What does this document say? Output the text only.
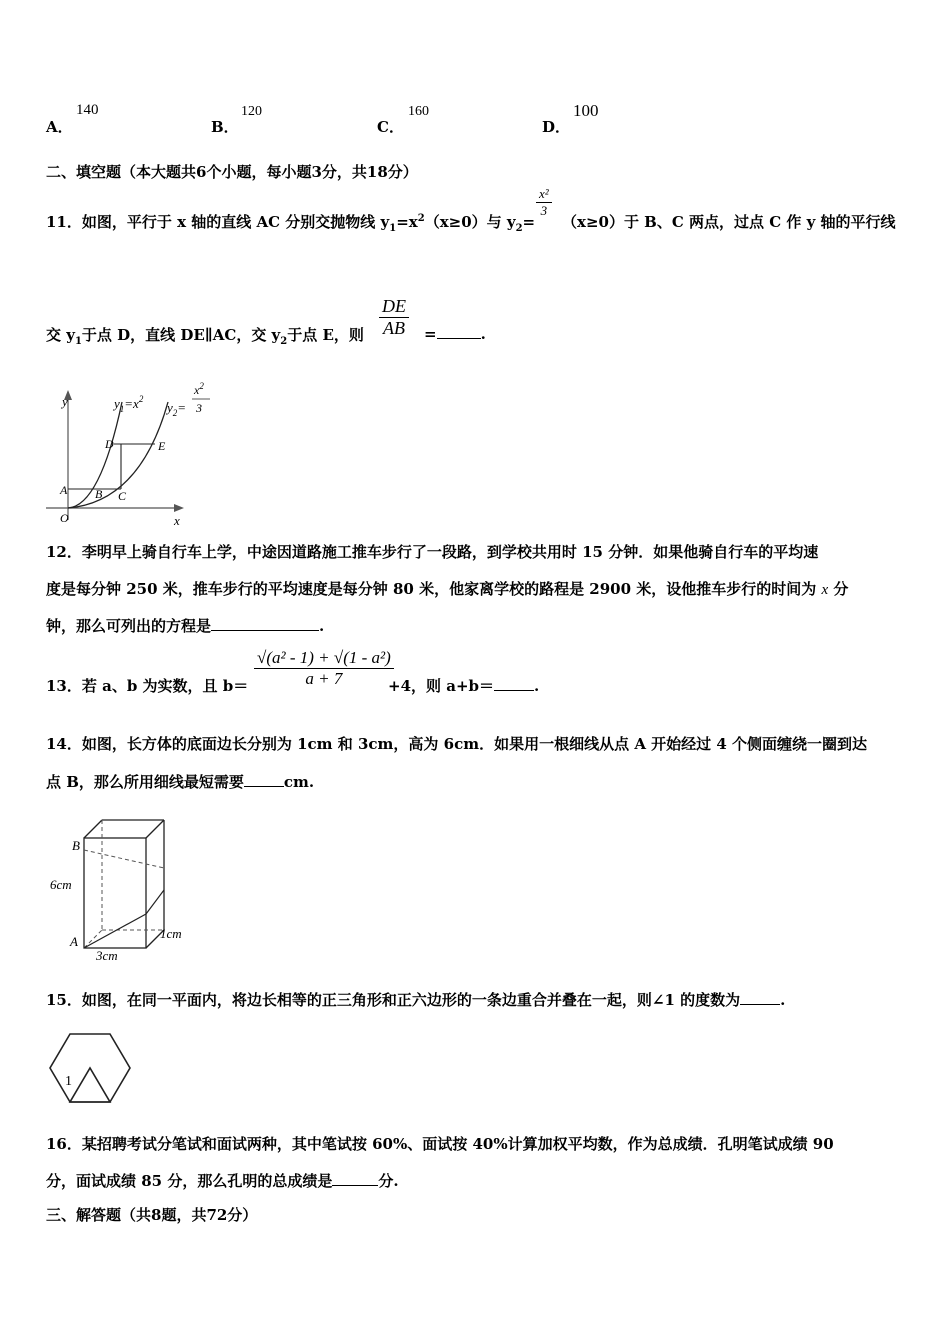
A．
140
B．
120
C．
160
D．
100
二、填空题（本大题共6个小题，每小题3分，共18分）
11．如图，平行于 x 轴的直线 AC 分别交抛物线 $y_1=x^2(x\ge 0)$与 $y_2=$
$\frac{\text{x²}}{3}$
（x≥0）于 B、C 两点，过点 C 作 y 轴的平行线
交 $y_1$于点 D，直线 DE∥AC，交 $y_2$于点 E，则 $\frac{DE}{AB}$ =	.
y
x
O
A B C
D	E
$y_1=x^2$
$y_2=$
$x^2$
3
12．李明早上骑自行车上学，中途因道路施工推车步行了一段路，到学校共用时 15 分钟．如果他骑自行车的平均速
度是每分钟 250 米，推车步行的平均速度是每分钟 80 米，他家离学校的路程是 2900 米，设他推车步行的时间为 x 分
钟，那么可列出的方程是	.
13．若 a、b 为实数，且 $b= \frac{\text{√(a² - 1) + √(1 - a²)}}{a + 7}$
+4，则 a+b＝	.
14．如图，长方体的底面边长分别为 1cm 和 3cm，高为 6cm．如果用一根细线从点 A 开始经过 4 个侧面缠绕一圈到达
点 B，那么所用细线最短需要	cm.
B
A
6cm
3cm
1cm
15．如图，在同一平面内，将边长相等的正三角形和正六边形的一条边重合并叠在一起，则∠1 的度数为	.
1
16．某招聘考试分笔试和面试两种，其中笔试按 60%、面试按 40%计算加权平均数，作为总成绩．孔明笔试成绩 90
分，面试成绩 85 分，那么孔明的总成绩是	分.
三、解答题（共8题，共72分）
